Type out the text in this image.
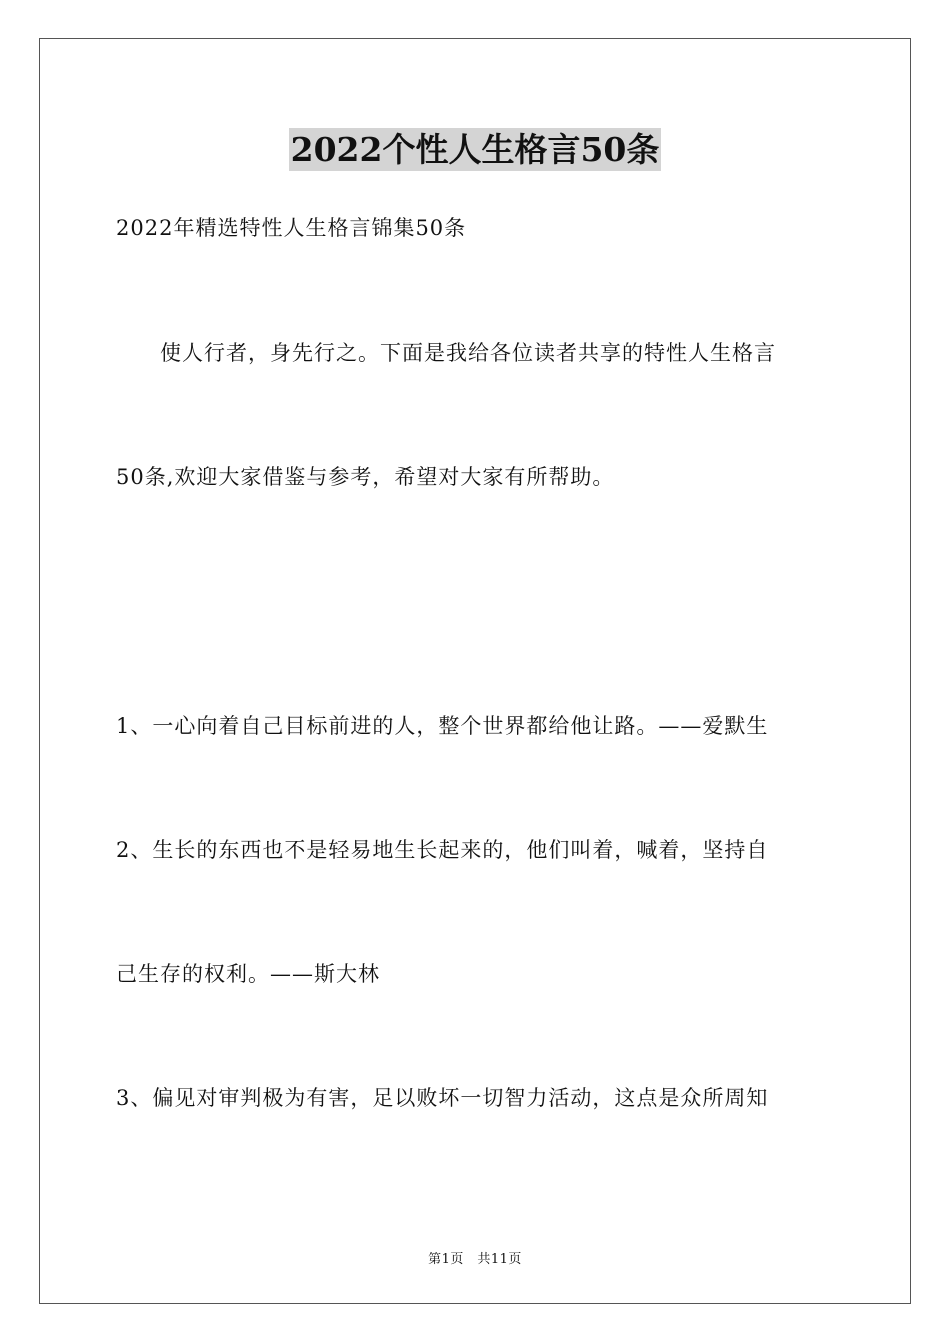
2022个性人生格言50条
2022年精选特性人生格言锦集50条
　　使人行者，身先行之。下面是我给各位读者共享的特性人生格言
50条,欢迎大家借鉴与参考，希望对大家有所帮助。
1、一心向着自己目标前进的人，整个世界都给他让路。——爱默生
2、生长的东西也不是轻易地生长起来的，他们叫着，喊着，坚持自
己生存的权利。——斯大林
3、偏见对审判极为有害，足以败坏一切智力活动，这点是众所周知
第1页　共11页
